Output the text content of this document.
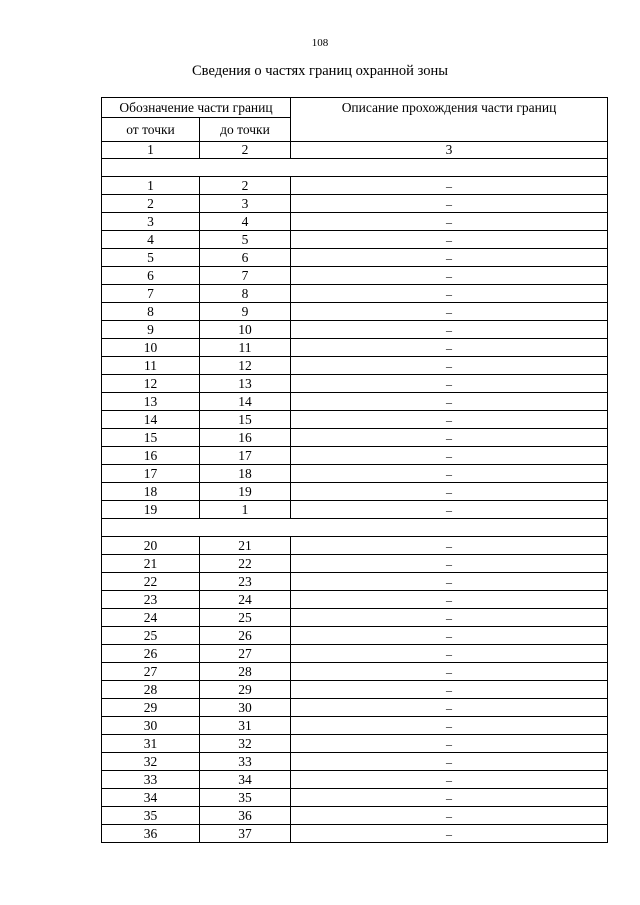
108
Сведения о частях границ охранной зоны
Обозначение части границ		Описание прохождения части границ
от точки	до точки	
1	2	3

1	2	–
2	3	–
3	4	–
4	5	–
5	6	–
6	7	–
7	8	–
8	9	–
9	10	–
10	11	–
11	12	–
12	13	–
13	14	–
14	15	–
15	16	–
16	17	–
17	18	–
18	19	–
19	1	–

20	21	–
21	22	–
22	23	–
23	24	–
24	25	–
25	26	–
26	27	–
27	28	–
28	29	–
29	30	–
30	31	–
31	32	–
32	33	–
33	34	–
34	35	–
35	36	–
36	37	–
